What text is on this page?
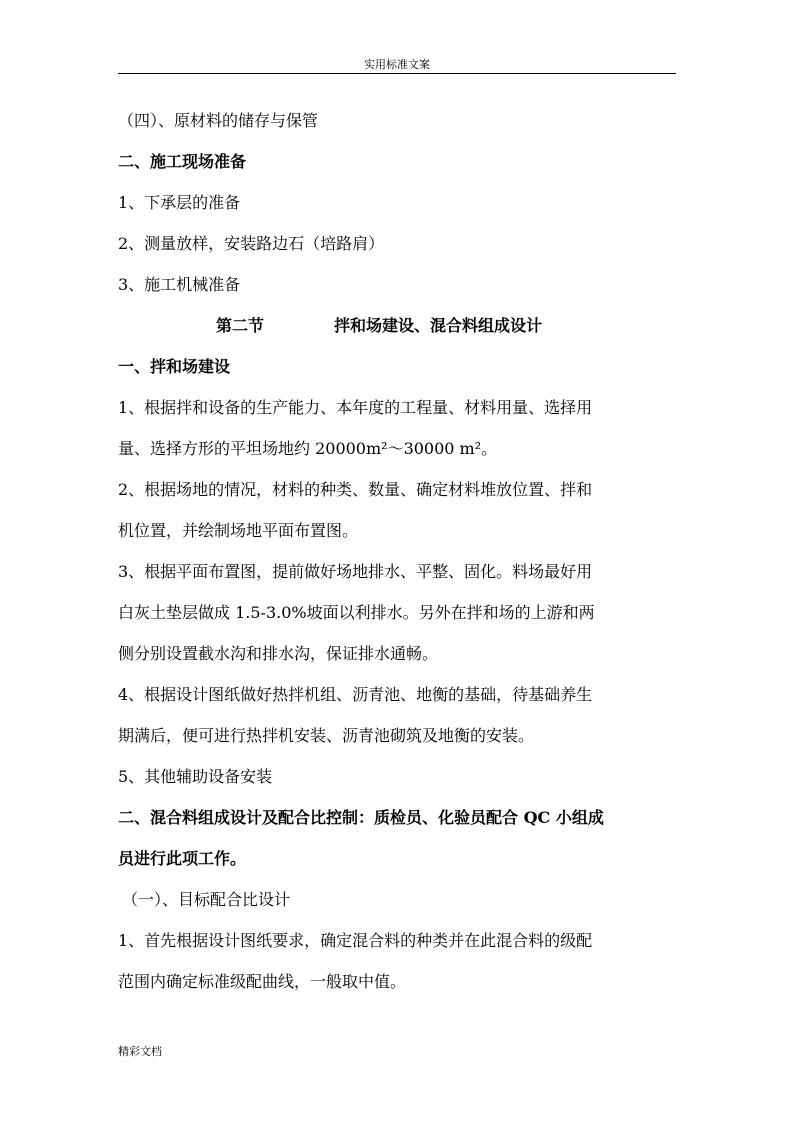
实用标准文案

（四）、原材料的储存与保管

二、施工现场准备

1、下承层的准备

2、测量放样，安装路边石（培路肩）

3、施工机械准备

第二节	拌和场建设、混合料组成设计

一、拌和场建设

1、根据拌和设备的生产能力、本年度的工程量、材料用量、选择用

量、选择方形的平坦场地约 20000m²～30000 m²。

2、根据场地的情况，材料的种类、数量、确定材料堆放位置、拌和

机位置，并绘制场地平面布置图。

3、根据平面布置图，提前做好场地排水、平整、固化。料场最好用

白灰土垫层做成 1.5-3.0%坡面以利排水。另外在拌和场的上游和两

侧分别设置截水沟和排水沟，保证排水通畅。

4、根据设计图纸做好热拌机组、沥青池、地衡的基础，待基础养生

期满后，便可进行热拌机安装、沥青池砌筑及地衡的安装。

5、其他辅助设备安装

二、混合料组成设计及配合比控制：质检员、化验员配合 QC 小组成

员进行此项工作。

（一）、目标配合比设计

1、首先根据设计图纸要求，确定混合料的种类并在此混合料的级配

范围内确定标准级配曲线，一般取中值。

精彩文档
